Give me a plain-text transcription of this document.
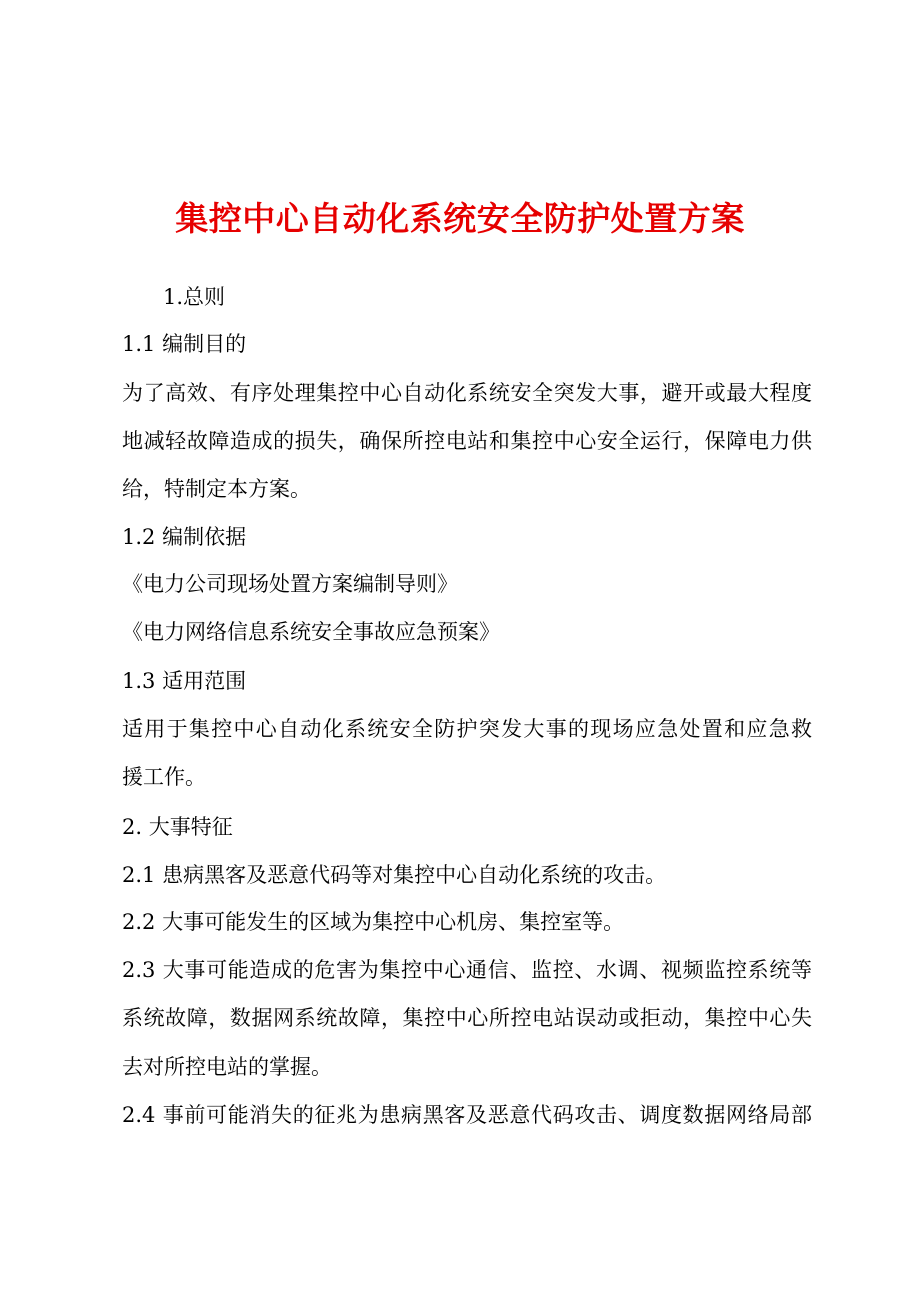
集控中心自动化系统安全防护处置方案

1.总则

1.1 编制目的

为了高效、有序处理集控中心自动化系统安全突发大事，避开或最大程度

地减轻故障造成的损失，确保所控电站和集控中心安全运行，保障电力供

给，特制定本方案。

1.2 编制依据

《电力公司现场处置方案编制导则》

《电力网络信息系统安全事故应急预案》

1.3 适用范围

适用于集控中心自动化系统安全防护突发大事的现场应急处置和应急救

援工作。

2. 大事特征

2.1 患病黑客及恶意代码等对集控中心自动化系统的攻击。

2.2 大事可能发生的区域为集控中心机房、集控室等。

2.3 大事可能造成的危害为集控中心通信、监控、水调、视频监控系统等

系统故障，数据网系统故障，集控中心所控电站误动或拒动，集控中心失

去对所控电站的掌握。

2.4 事前可能消失的征兆为患病黑客及恶意代码攻击、调度数据网络局部
